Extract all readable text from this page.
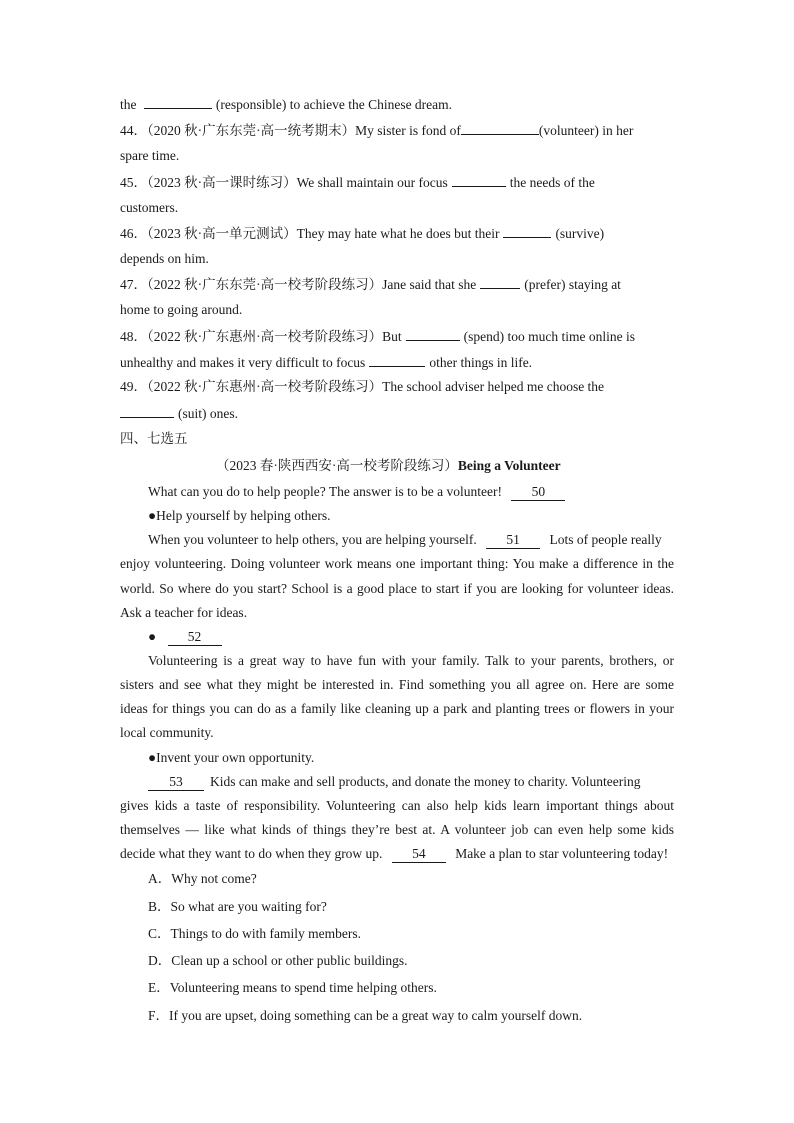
the	(responsible) to achieve the Chinese dream.
44．（2020 秋·广东东莞·高一统考期末）My sister is fond of	(volunteer) in her
spare time.
45．（2023 秋·高一课时练习）We shall maintain our focus	the needs of the
customers.
46．（2023 秋·高一单元测试）They may hate what he does but their	(survive)
depends on him.
47．（2022 秋·广东东莞·高一校考阶段练习）Jane said that she	(prefer) staying at
home to going around.
48．（2022 秋·广东惠州·高一校考阶段练习）But	(spend) too much time online is
unhealthy and makes it very difficult to focus	other things in life.
49．（2022 秋·广东惠州·高一校考阶段练习）The school adviser helped me choose the
(suit) ones.
四、七选五
（2023 春·陕西西安·高一校考阶段练习）Being a Volunteer
What can you do to help people? The answer is to be a volunteer! 50
●Help yourself by helping others.
When you volunteer to help others, you are helping yourself. 51 Lots of people really
enjoy volunteering. Doing volunteer work means one important thing: You make a difference in the
world. So where do you start? School is a good place to start if you are looking for volunteer ideas.
Ask a teacher for ideas.
● 52
Volunteering is a great way to have fun with your family. Talk to your parents, brothers, or
sisters and see what they might be interested in. Find something you all agree on. Here are some
ideas for things you can do as a family like cleaning up a park and planting trees or flowers in your
local community.
●Invent your own opportunity.
53 Kids can make and sell products, and donate the money to charity. Volunteering
gives kids a taste of responsibility. Volunteering can also help kids learn important things about
themselves — like what kinds of things they’re best at. A volunteer job can even help some kids
decide what they want to do when they grow up. 54 Make a plan to star volunteering today!
A．Why not come?
B．So what are you waiting for?
C．Things to do with family members.
D．Clean up a school or other public buildings.
E．Volunteering means to spend time helping others.
F．If you are upset, doing something can be a great way to calm yourself down.
